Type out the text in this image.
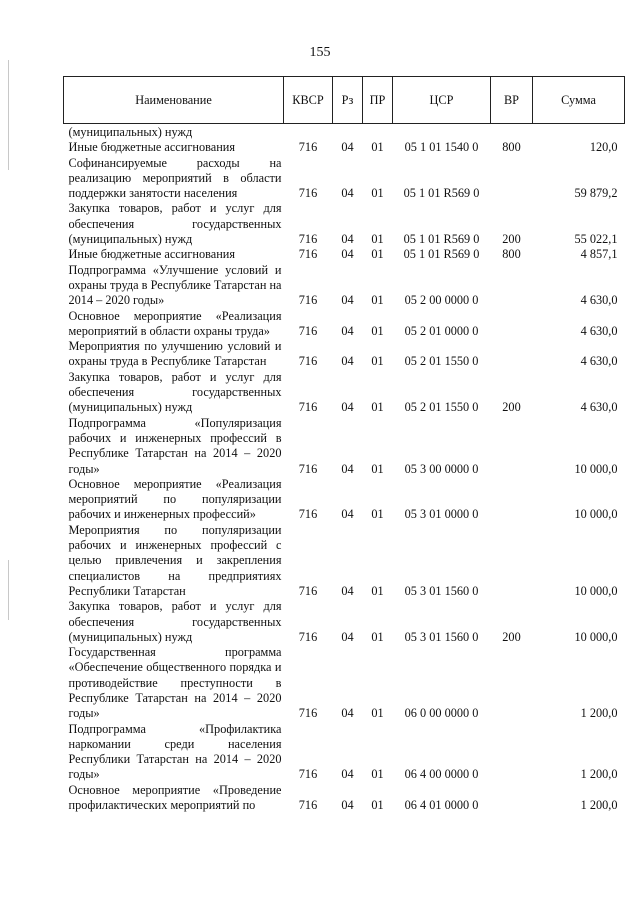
155
Наименование	КВСР	Рз	ПР	ЦСР	ВР	Сумма
(муниципальных) нужд						
Иные бюджетные ассигнования	716	04	01	05 1 01 1540 0	800	120,0
Софинансируемые расходы на реализацию мероприятий в области поддержки занятости населения	716	04	01	05 1 01 R569 0		59 879,2
Закупка товаров, работ и услуг для обеспечения государственных (муниципальных) нужд	716	04	01	05 1 01 R569 0	200	55 022,1
Иные бюджетные ассигнования	716	04	01	05 1 01 R569 0	800	4 857,1
Подпрограмма «Улучшение условий и охраны труда в Республике Татарстан на 2014 – 2020 годы»	716	04	01	05 2 00 0000 0		4 630,0
Основное мероприятие «Реализация мероприятий в области охраны труда»	716	04	01	05 2 01 0000 0		4 630,0
Мероприятия по улучшению условий и охраны труда в Республике Татарстан	716	04	01	05 2 01 1550 0		4 630,0
Закупка товаров, работ и услуг для обеспечения государственных (муниципальных) нужд	716	04	01	05 2 01 1550 0	200	4 630,0
Подпрограмма «Популяризация рабочих и инженерных профессий в Республике Татарстан на 2014 – 2020 годы»	716	04	01	05 3 00 0000 0		10 000,0
Основное мероприятие «Реализация мероприятий по популяризации рабочих и инженерных профессий»	716	04	01	05 3 01 0000 0		10 000,0
Мероприятия по популяризации рабочих и инженерных профессий с целью привлечения и закрепления специалистов на предприятиях Республики Татарстан	716	04	01	05 3 01 1560 0		10 000,0
Закупка товаров, работ и услуг для обеспечения государственных (муниципальных) нужд	716	04	01	05 3 01 1560 0	200	10 000,0
Государственная программа «Обеспечение общественного порядка и противодействие преступности в Республике Татарстан на 2014 – 2020 годы»	716	04	01	06 0 00 0000 0		1 200,0
Подпрограмма «Профилактика наркомании среди населения Республики Татарстан на 2014 – 2020 годы»	716	04	01	06 4 00 0000 0		1 200,0
Основное мероприятие «Проведение профилактических мероприятий по	716	04	01	06 4 01 0000 0		1 200,0
